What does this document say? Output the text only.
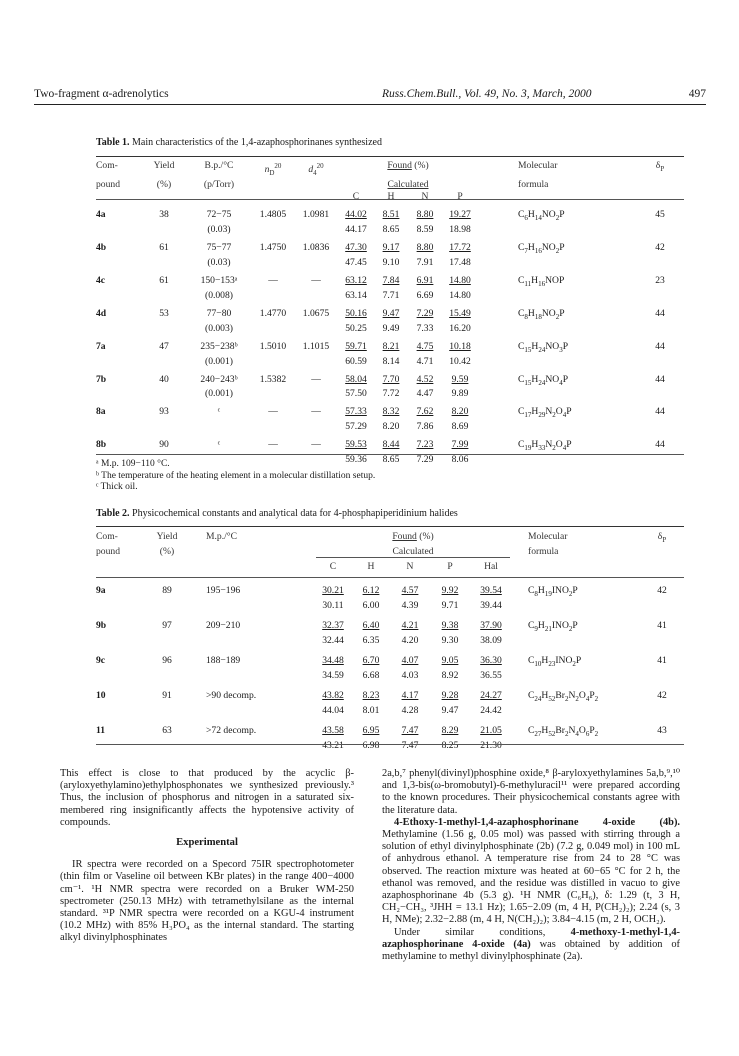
Two-fragment α-adrenolytics	Russ.Chem.Bull., Vol. 49, No. 3, March, 2000	497
Table 1. Main characteristics of the 1,4-azaphosphorinanes synthesized
Com-	Yield	B.p./°C	$n_D^{20}$	$d_4^{20}$	Found (%)					Molecular	$\delta_P$
pound	(%)	(p/Torr)			Calculated					formula	
					C	H	N	P			
4a	38	72−75	1.4805	1.0981	44.02	8.51	8.80	19.27		$C_6H_{14}NO_2P$	45
		(0.03)			44.17	8.65	8.59	18.98			

4b	61	75−77	1.4750	1.0836	47.30	9.17	8.80	17.72		$C_7H_{16}NO_2P$	42
		(0.03)			47.45	9.10	7.91	17.48			

4c	61	150−153ᵃ	—	—	63.12	7.84	6.91	14.80		$C_{11}H_{16}NOP$	23
		(0.008)			63.14	7.71	6.69	14.80			

4d	53	77−80	1.4770	1.0675	50.16	9.47	7.29	15.49		$C_8H_{18}NO_2P$	44
		(0.003)			50.25	9.49	7.33	16.20			

7a	47	235−238ᵇ	1.5010	1.1015	59.71	8.21	4.75	10.18		$C_{15}H_{24}NO_3P$	44
		(0.001)			60.59	8.14	4.71	10.42			

7b	40	240−243ᵇ	1.5382	—	58.04	7.70	4.52	9.59		$C_{15}H_{24}NO_4P$	44
		(0.001)			57.50	7.72	4.47	9.89			

8a	93	ᶜ	—	—	57.33	8.32	7.62	8.20		$C_{17}H_{29}N_2O_4P$	44
					57.29	8.20	7.86	8.69			

8b	90	ᶜ	—	—	59.53	8.44	7.23	7.99		$C_{19}H_{33}N_2O_4P$	44
					59.36	8.65	7.29	8.06			

ᵃ M.p. 109−110 °C.
ᵇ The temperature of the heating element in a molecular distillation setup.
ᶜ Thick oil.
Table 2. Physicochemical constants and analytical data for 4-phosphapiperidinium halides
Com-	Yield	M.p./°C	Found (%)	Molecular	$\delta_P$
pound	(%)		Calculated	formula	
			C	H	N	P	Hal		
9a	89	195−196	30.21	6.12	4.57	9.92	39.54	$C_8H_{19}INO_2P$	42
			30.11	6.00	4.39	9.71	39.44		

9b	97	209−210	32.37	6.40	4.21	9.38	37.90	$C_9H_{21}INO_2P$	41
			32.44	6.35	4.20	9.30	38.09		

9c	96	188−189	34.48	6.70	4.07	9.05	36.30	$C_{10}H_{23}INO_2P$	41
			34.59	6.68	4.03	8.92	36.55		

10	91	>90 decomp.	43.82	8.23	4.17	9.28	24.27	$C_{24}H_{52}Br_2N_2O_4P_2$	42
			44.04	8.01	4.28	9.47	24.42		

11	63	>72 decomp.	43.58	6.95	7.47	8.29	21.05	$C_{27}H_{52}Br_2N_4O_6P_2$	43
			43.21	6.98	7.47	8.25	21.30		

This effect is close to that produced by the acyclic β-(aryloxyethylamino)ethylphosphonates we synthesized previously.³ Thus, the inclusion of phosphorus and nitrogen in a saturated six-membered ring insignificantly affects the hypotensive activity of compounds.

Experimental

IR spectra were recorded on a Specord 75IR spectrophotometer (thin film or Vaseline oil between KBr plates) in the range 400−4000 cm⁻¹. ¹H NMR spectra were recorded on a Bruker WM-250 spectrometer (250.13 MHz) with tetramethylsilane as the internal standard. ³¹P NMR spectra were recorded on a KGU-4 instrument (10.2 MHz) with 85% H₃PO₄ as the internal standard. The starting alkyl divinylphosphinates

2a,b,⁷ phenyl(divinyl)phosphine oxide,⁸ β-aryloxyethylamines 5a,b,⁹,¹⁰ and 1,3-bis(ω-bromobutyl)-6-methyluracil¹¹ were prepared according to the known procedures. Their physicochemical constants agree with the literature data.

4-Ethoxy-1-methyl-1,4-azaphosphorinane 4-oxide (4b). Methylamine (1.56 g, 0.05 mol) was passed with stirring through a solution of ethyl divinylphosphinate (2b) (7.2 g, 0.049 mol) in 100 mL of anhydrous ethanol. A temperature rise from 24 to 28 °C was observed. The reaction mixture was heated at 60−65 °C for 2 h, the ethanol was removed, and the residue was distilled in vacuo to give azaphosphorinane 4b (5.3 g). ¹H NMR (C₆H₆), δ: 1.29 (t, 3 H, CH₂−CH₃, ³JHH = 13.1 Hz); 1.65−2.09 (m, 4 H, P(CH₂)₂); 2.24 (s, 3 H, NMe); 2.32−2.88 (m, 4 H, N(CH₂)₂); 3.84−4.15 (m, 2 H, OCH₂).

Under similar conditions, 4-methoxy-1-methyl-1,4-azaphosphorinane 4-oxide (4a) was obtained by addition of methylamine to methyl divinylphosphinate (2a).
